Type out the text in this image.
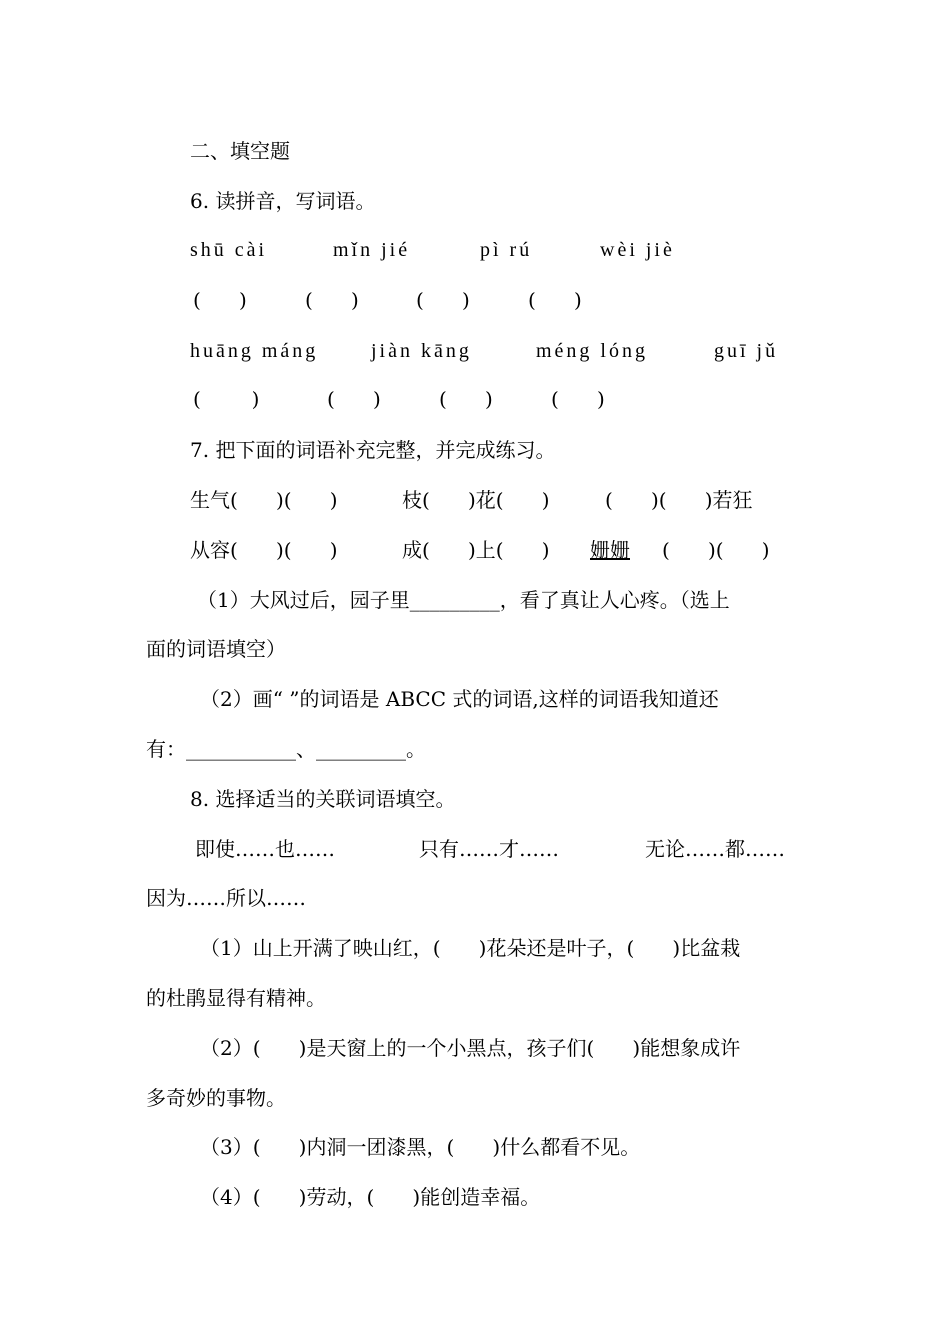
二、填空题
6. 读拼音，写词语。
shū cài	mǐn jié	pì rú	wèi jiè
(      )	(      )	(      )	(      )
huāng máng	jiàn kāng	méng lóng	guī jǔ
(        )	(      )	(      )	(      )
7. 把下面的词语补充完整，并完成练习。
生气(      )(      )	枝(      )花(      )	(      )(      )若狂
从容(      )(      )	成(      )上(      ) 姗姗 (      )(      )
（1）大风过后，园子里_________，看了真让人心疼。（选上
面的词语填空）
（2）画“ ”的词语是 ABCC 式的词语,这样的词语我知道还
有：___________、_________。
8. 选择适当的关联词语填空。
即使……也……	只有……才……	无论……都……
因为……所以……
（1）山上开满了映山红，(      )花朵还是叶子，(      )比盆栽
的杜鹃显得有精神。
（2）(      )是天窗上的一个小黑点，孩子们(      )能想象成许
多奇妙的事物。
（3）(      )内洞一团漆黑，(      )什么都看不见。
（4）(      )劳动，(      )能创造幸福。
